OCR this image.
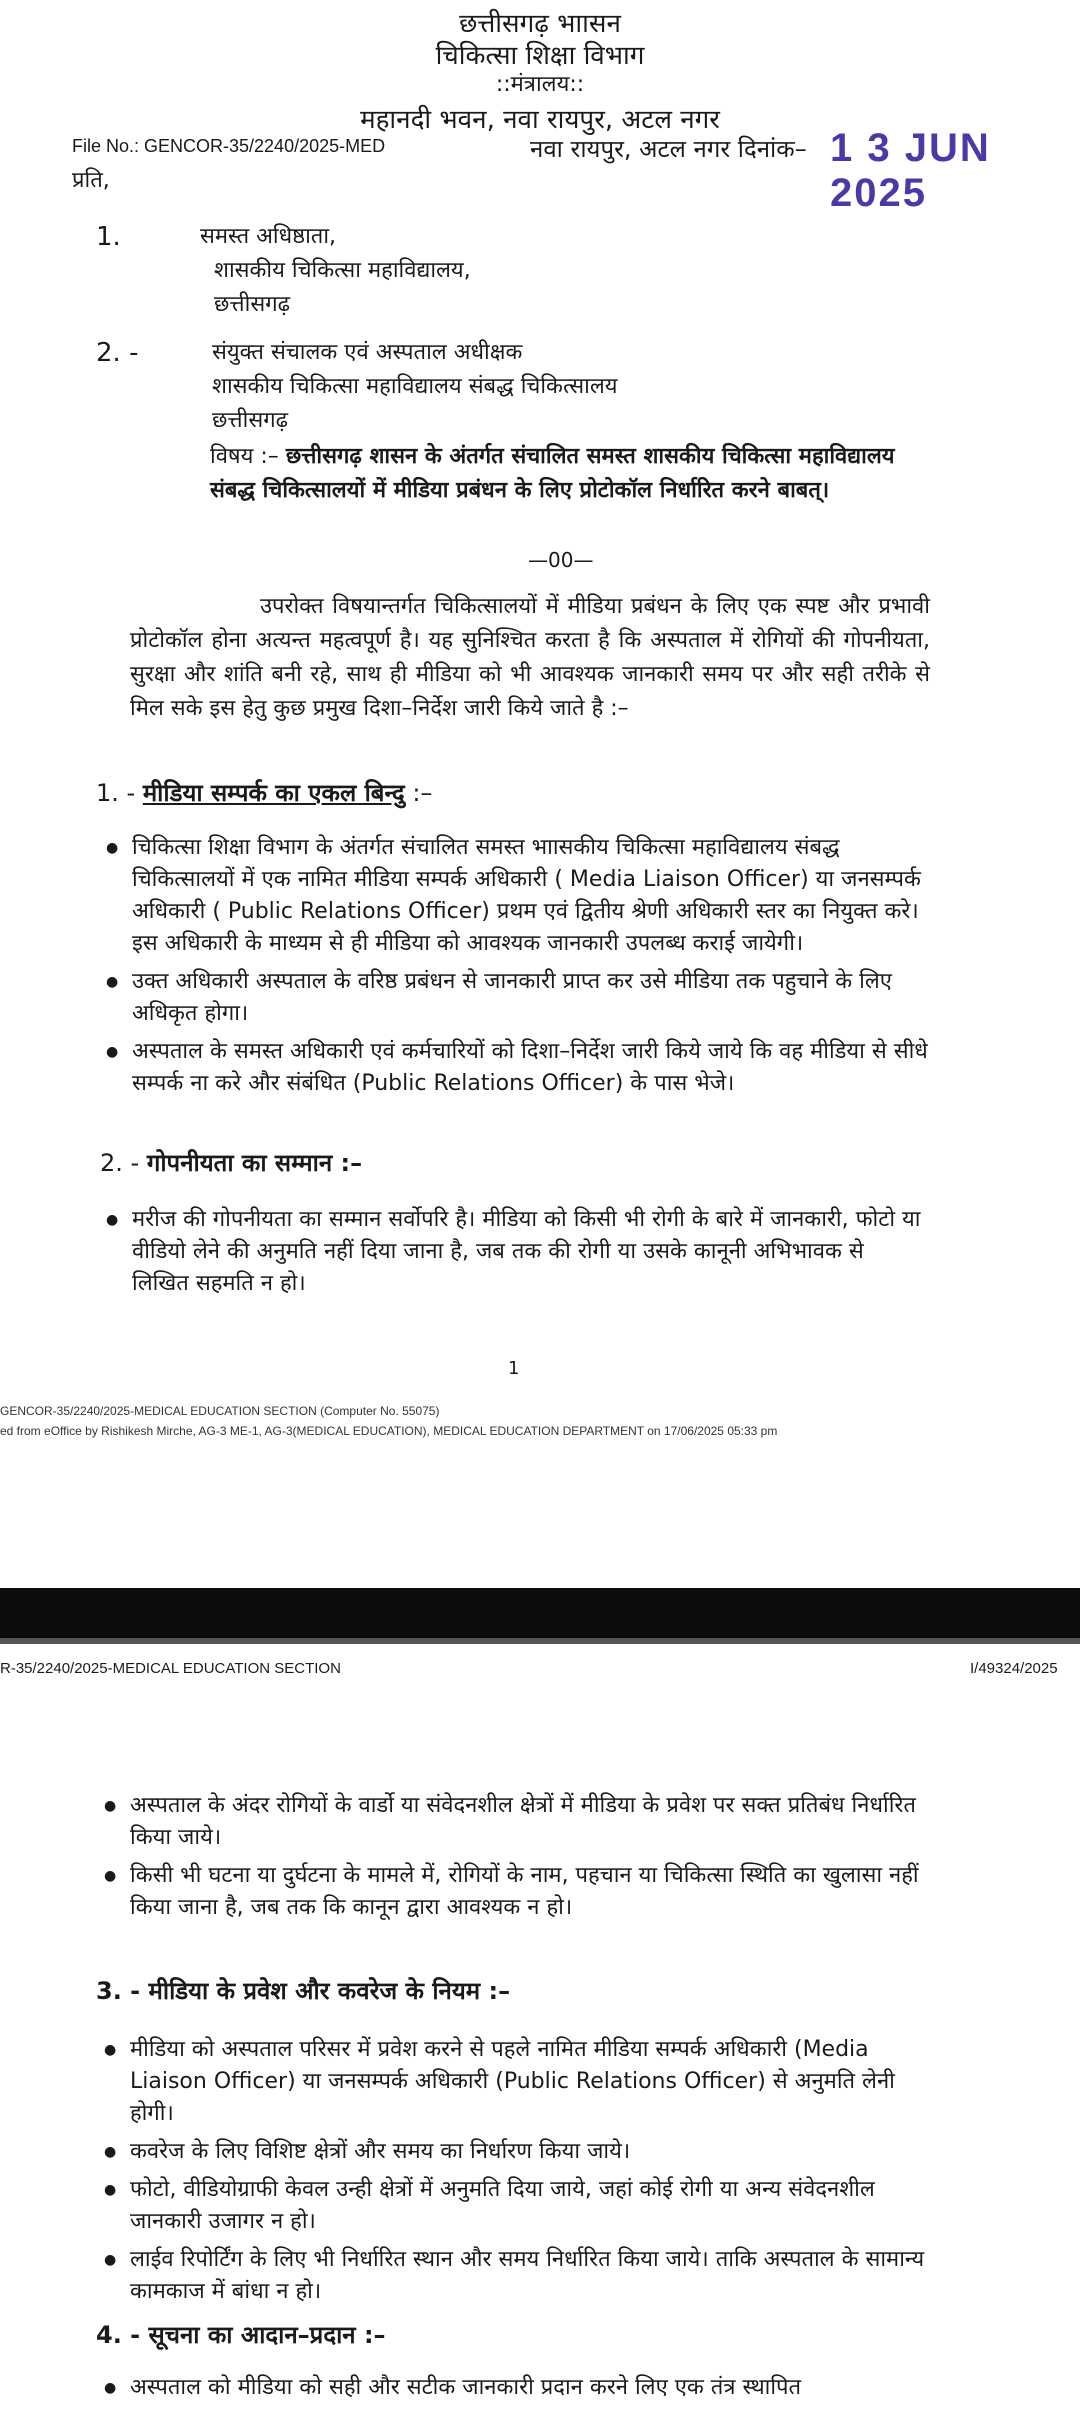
छत्तीसगढ़ भाासन
चिकित्सा शिक्षा विभाग
::मंत्रालय::
महानदी भवन, नवा रायपुर, अटल नगर
File No.: GENCOR-35/2240/2025-MED	नवा रायपुर, अटल नगर दिनांक– 1 3 JUN 2025
प्रति,
1.	समस्त अधिष्ठाता,
शासकीय चिकित्सा महाविद्यालय,
छत्तीसगढ़
2. -	संयुक्त संचालक एवं अस्पताल अधीक्षक
शासकीय चिकित्सा महाविद्यालय संबद्ध चिकित्सालय
छत्तीसगढ़
विषय :– छत्तीसगढ़ शासन के अंतर्गत संचालित समस्त शासकीय चिकित्सा महाविद्यालय संबद्ध चिकित्सालयों में मीडिया प्रबंधन के लिए प्रोटोकॉल निर्धारित करने बाबत्।
—00—
उपरोक्त विषयान्तर्गत चिकित्सालयों में मीडिया प्रबंधन के लिए एक स्पष्ट और प्रभावी प्रोटोकॉल होना अत्यन्त महत्वपूर्ण है। यह सुनिश्चित करता है कि अस्पताल में रोगियों की गोपनीयता, सुरक्षा और शांति बनी रहे, साथ ही मीडिया को भी आवश्यक जानकारी समय पर और सही तरीके से मिल सके इस हेतु कुछ प्रमुख दिशा–निर्देश जारी किये जाते है :–
1. - मीडिया सम्पर्क का एकल बिन्दु :–
● चिकित्सा शिक्षा विभाग के अंतर्गत संचालित समस्त भाासकीय चिकित्सा महाविद्यालय संबद्ध चिकित्सालयों में एक नामित मीडिया सम्पर्क अधिकारी ( Media Liaison Officer) या जनसम्पर्क अधिकारी ( Public Relations Officer) प्रथम एवं द्वितीय श्रेणी अधिकारी स्तर का नियुक्त करे। इस अधिकारी के माध्यम से ही मीडिया को आवश्यक जानकारी उपलब्ध कराई जायेगी।
● उक्त अधिकारी अस्पताल के वरिष्ठ प्रबंधन से जानकारी प्राप्त कर उसे मीडिया तक पहुचाने के लिए अधिकृत होगा।
● अस्पताल के समस्त अधिकारी एवं कर्मचारियों को दिशा–निर्देश जारी किये जाये कि वह मीडिया से सीधे सम्पर्क ना करे और संबंधित (Public Relations Officer) के पास भेजे।
2. - गोपनीयता का सम्मान :–
● मरीज की गोपनीयता का सम्मान सर्वोपरि है। मीडिया को किसी भी रोगी के बारे में जानकारी, फोटो या वीडियो लेने की अनुमति नहीं दिया जाना है, जब तक की रोगी या उसके कानूनी अभिभावक से लिखित सहमति न हो।
1
GENCOR-35/2240/2025-MEDICAL EDUCATION SECTION (Computer No. 55075)
ed from eOffice by Rishikesh Mirche, AG-3 ME-1, AG-3(MEDICAL EDUCATION), MEDICAL EDUCATION DEPARTMENT on 17/06/2025 05:33 pm
R-35/2240/2025-MEDICAL EDUCATION SECTION	I/49324/2025
● अस्पताल के अंदर रोगियों के वार्डो या संवेदनशील क्षेत्रों में मीडिया के प्रवेश पर सक्त प्रतिबंध निर्धारित किया जाये।
● किसी भी घटना या दुर्घटना के मामले में, रोगियों के नाम, पहचान या चिकित्सा स्थिति का खुलासा नहीं किया जाना है, जब तक कि कानून द्वारा आवश्यक न हो।
3. - मीडिया के प्रवेश और कवरेज के नियम :–
● मीडिया को अस्पताल परिसर में प्रवेश करने से पहले नामित मीडिया सम्पर्क अधिकारी (Media Liaison Officer) या जनसम्पर्क अधिकारी (Public Relations Officer) से अनुमति लेनी होगी।
● कवरेज के लिए विशिष्ट क्षेत्रों और समय का निर्धारण किया जाये।
● फोटो, वीडियोग्राफी केवल उन्ही क्षेत्रों में अनुमति दिया जाये, जहां कोई रोगी या अन्य संवेदनशील जानकारी उजागर न हो।
● लाईव रिपोर्टिंग के लिए भी निर्धारित स्थान और समय निर्धारित किया जाये। ताकि अस्पताल के सामान्य कामकाज में बांधा न हो।
4. - सूचना का आदान–प्रदान :–
● अस्पताल को मीडिया को सही और सटीक जानकारी प्रदान करने लिए एक तंत्र स्थापित
